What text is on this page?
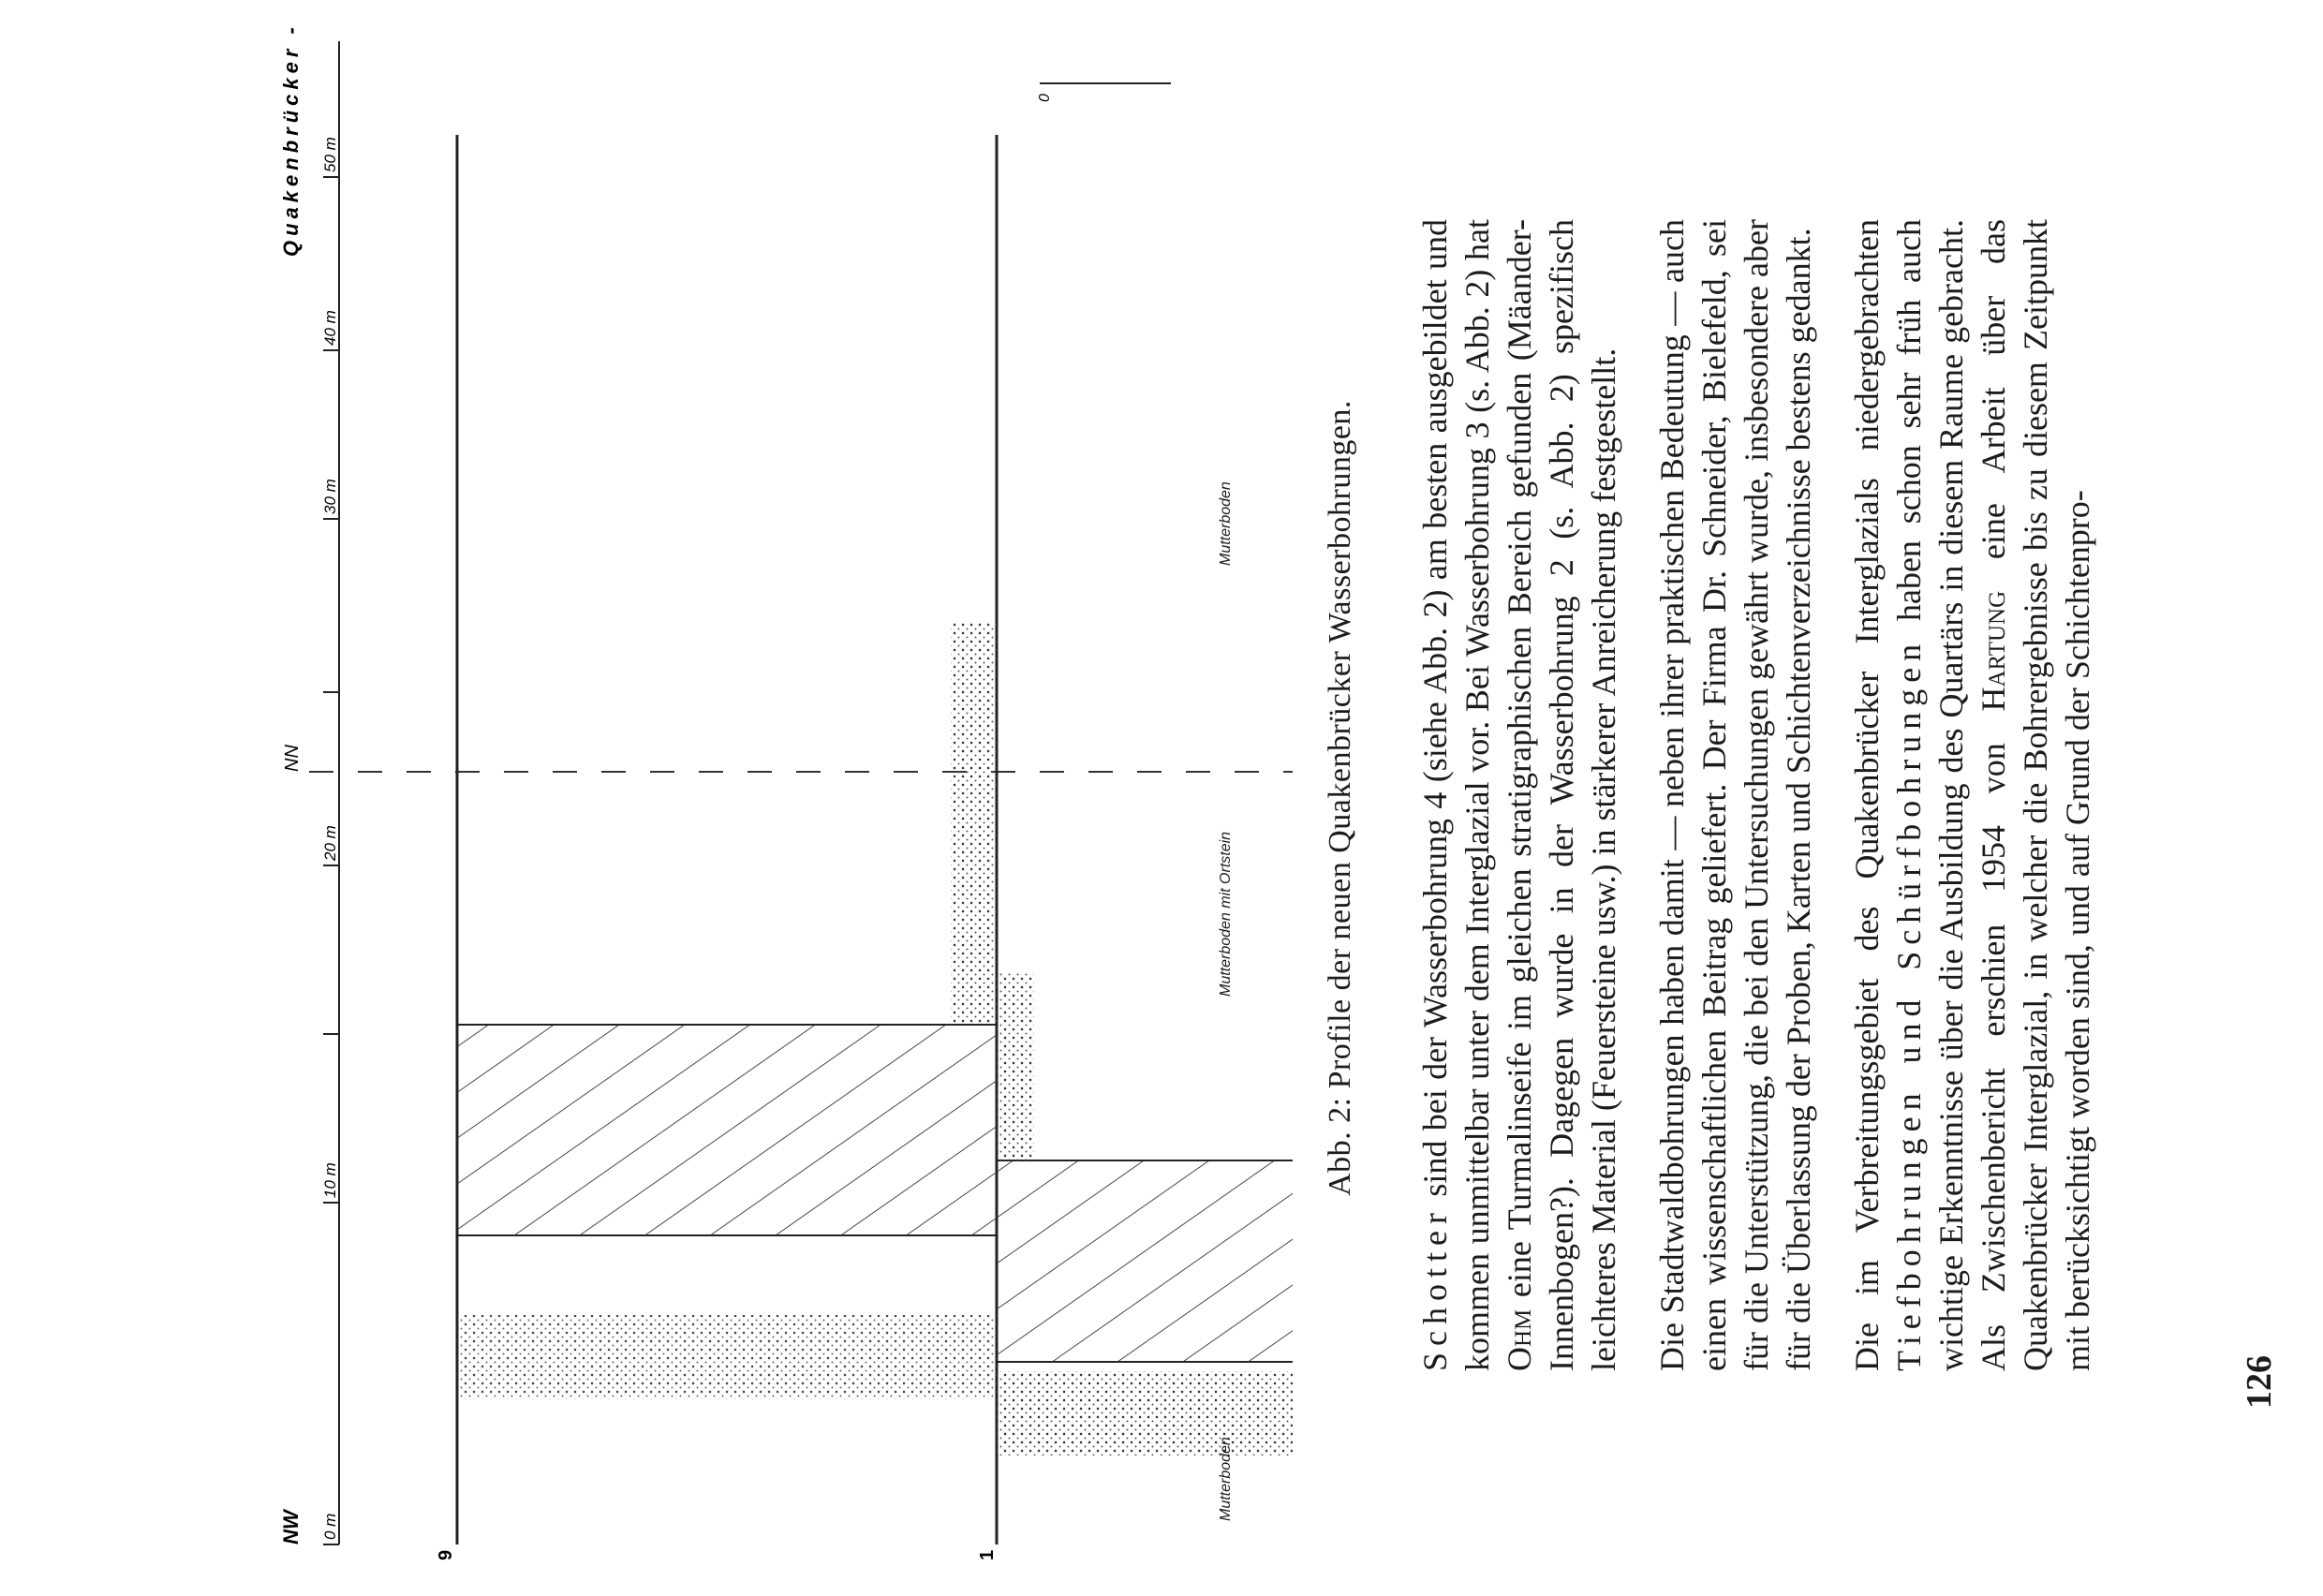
NW
Quakenbrücker -
0 m
10 m
20 m
30 m
40 m
50 m
NN
9	1
0
Mutterboden
Mutterboden mit Ortstein
Mutterboden	Abb. 2: Profile der neuen Quakenbrücker Wasserbohrungen.

Schotter sind bei der Wasserbohrung 4 (siehe Abb. 2) am besten ausgebildet und kommen unmittelbar unter dem Interglazial vor. Bei Wasserbohrung 3 (s. Abb. 2) hat Ohm eine Turmalinseife im gleichen stratigraphischen Bereich gefunden (Mäander-Innenbogen?). Dagegen wurde in der Wasserbohrung 2 (s. Abb. 2) spezifisch leichteres Material (Feuersteine usw.) in stärkerer Anreicherung festgestellt. Die Stadtwaldbohrungen haben damit — neben ihrer praktischen Bedeutung — auch einen wissenschaftlichen Beitrag geliefert. Der Firma Dr. Schneider, Bielefeld, sei für die Unterstützung, die bei den Untersuchungen gewährt wurde, insbesondere aber für die Überlassung der Proben, Karten und Schichtenverzeichnisse bestens gedankt. Die im Verbreitungsgebiet des Quakenbrücker Interglazials niedergebrachten Tiefbohrungen und Schürfbohrungen haben schon sehr früh auch wichtige Erkenntnisse über die Ausbildung des Quartärs in diesem Raume gebracht. Als Zwischenbericht erschien 1954 von Hartung eine Arbeit über das Quakenbrücker Interglazial, in welcher die Bohrergebnisse bis zu diesem Zeitpunkt mit berücksichtigt worden sind, und auf Grund der Schichtenpro-

126
